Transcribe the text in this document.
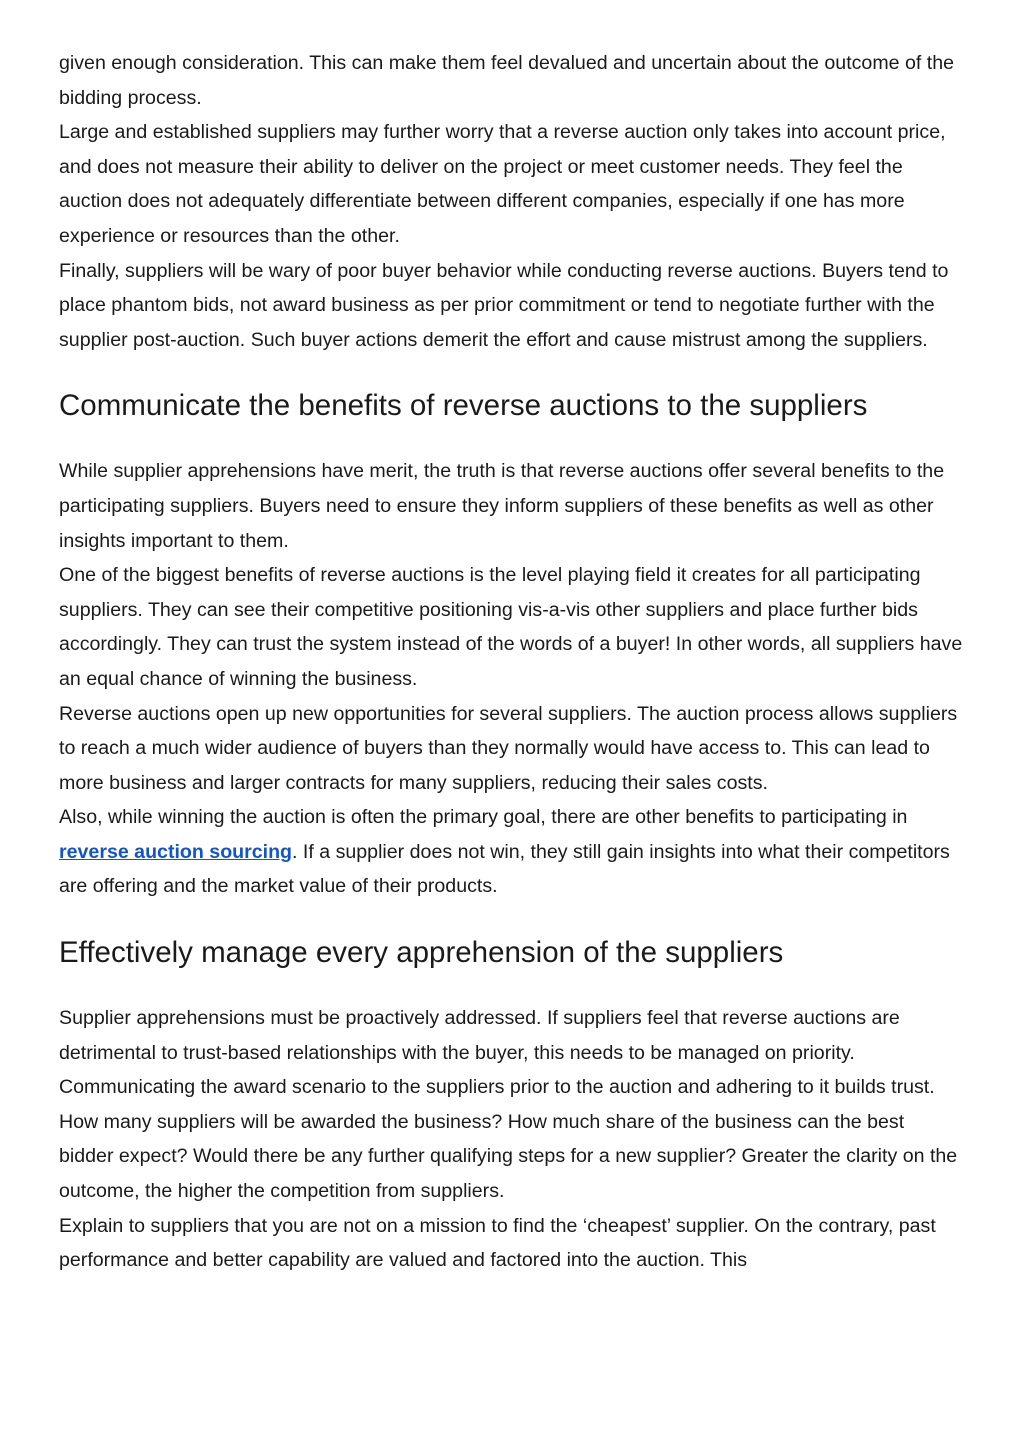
given enough consideration. This can make them feel devalued and uncertain about the outcome of the bidding process.

Large and established suppliers may further worry that a reverse auction only takes into account price, and does not measure their ability to deliver on the project or meet customer needs. They feel the auction does not adequately differentiate between different companies, especially if one has more experience or resources than the other.

Finally, suppliers will be wary of poor buyer behavior while conducting reverse auctions. Buyers tend to place phantom bids, not award business as per prior commitment or tend to negotiate further with the supplier post-auction. Such buyer actions demerit the effort and cause mistrust among the suppliers.

Communicate the benefits of reverse auctions to the suppliers

While supplier apprehensions have merit, the truth is that reverse auctions offer several benefits to the participating suppliers. Buyers need to ensure they inform suppliers of these benefits as well as other insights important to them.

One of the biggest benefits of reverse auctions is the level playing field it creates for all participating suppliers. They can see their competitive positioning vis-a-vis other suppliers and place further bids accordingly. They can trust the system instead of the words of a buyer! In other words, all suppliers have an equal chance of winning the business.

Reverse auctions open up new opportunities for several suppliers. The auction process allows suppliers to reach a much wider audience of buyers than they normally would have access to. This can lead to more business and larger contracts for many suppliers, reducing their sales costs.

Also, while winning the auction is often the primary goal, there are other benefits to participating in reverse auction sourcing. If a supplier does not win, they still gain insights into what their competitors are offering and the market value of their products.

Effectively manage every apprehension of the suppliers

Supplier apprehensions must be proactively addressed. If suppliers feel that reverse auctions are detrimental to trust-based relationships with the buyer, this needs to be managed on priority.

Communicating the award scenario to the suppliers prior to the auction and adhering to it builds trust. How many suppliers will be awarded the business? How much share of the business can the best bidder expect? Would there be any further qualifying steps for a new supplier? Greater the clarity on the outcome, the higher the competition from suppliers.

Explain to suppliers that you are not on a mission to find the ‘cheapest’ supplier. On the contrary, past performance and better capability are valued and factored into the auction. This
